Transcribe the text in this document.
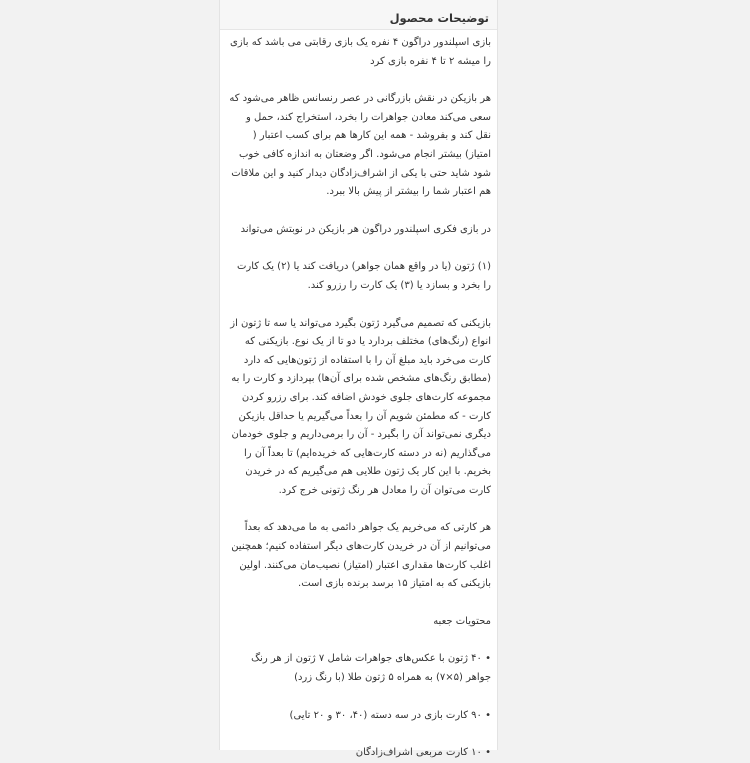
توضیحات محصول

بازی اسپلندور دراگون ۴ نفره یک بازی رقابتی می باشد که بازی را میشه ۲ تا ۴ نفره بازی کرد

هر بازیکن در نقش بازرگانی در عصر رنسانس ظاهر می‌شود که سعی می‌کند معادن جواهرات را بخرد، استخراج کند، حمل و نقل کند و بفروشد - همه این کارها هم برای کسب اعتبار ( امتیاز) بیشتر انجام می‌شود. اگر وضعتان به اندازه کافی خوب شود شاید حتی با یکی از اشراف‌زادگان دیدار کنید و این ملاقات هم اعتبار شما را بیشتر از پیش بالا ببرد.

در بازی فکری اسپلندور دراگون هر بازیکن در نوبتش می‌تواند

(۱) ژتون (یا در واقع همان جواهر) دریافت کند یا (۲) یک کارت را بخرد و بسازد یا (۳) یک کارت را رزرو کند.

بازیکنی که تصمیم می‌گیرد ژتون بگیرد می‌تواند یا سه تا ژتون از انواع (رنگ‌های) مختلف بردارد یا دو تا از یک نوع. بازیکنی که کارت می‌خرد باید مبلغ آن را با استفاده از ژتون‌هایی که دارد (مطابق رنگ‌های مشخص شده برای آن‌ها) بپردازد و کارت را به مجموعه کارت‌های جلوی خودش اضافه کند. برای رزرو کردن کارت - که مطمئن شویم آن را بعداً می‌گیریم یا حداقل بازیکن دیگری نمی‌تواند آن را بگیرد - آن را برمی‌داریم و جلوی خودمان می‌گذاریم (نه در دسته کارت‌هایی که خریده‌ایم) تا بعداً آن را بخریم. با این کار یک ژتون طلایی هم می‌گیریم که در خریدن کارت می‌توان آن را معادل هر رنگ ژتونی خرج کرد.

هر کارتی که می‌خریم یک جواهر دائمی به ما می‌دهد که بعداً می‌توانیم از آن در خریدن کارت‌های دیگر استفاده کنیم؛ همچنین اغلب کارت‌ها مقداری اعتبار (امتیاز) نصیب‌مان می‌کنند. اولین بازیکنی که به امتیاز ۱۵ برسد برنده بازی است.

محتویات جعبه

• ۴۰ ژتون با عکس‌های جواهرات شامل ۷ ژتون از هر رنگ جواهر (۵×۷) به همراه ۵ ژتون طلا (با رنگ زرد)

• ۹۰ کارت بازی در سه دسته (۴۰، ۳۰ و ۲۰ تایی)

• ۱۰ کارت مربعی اشراف‌زادگان
